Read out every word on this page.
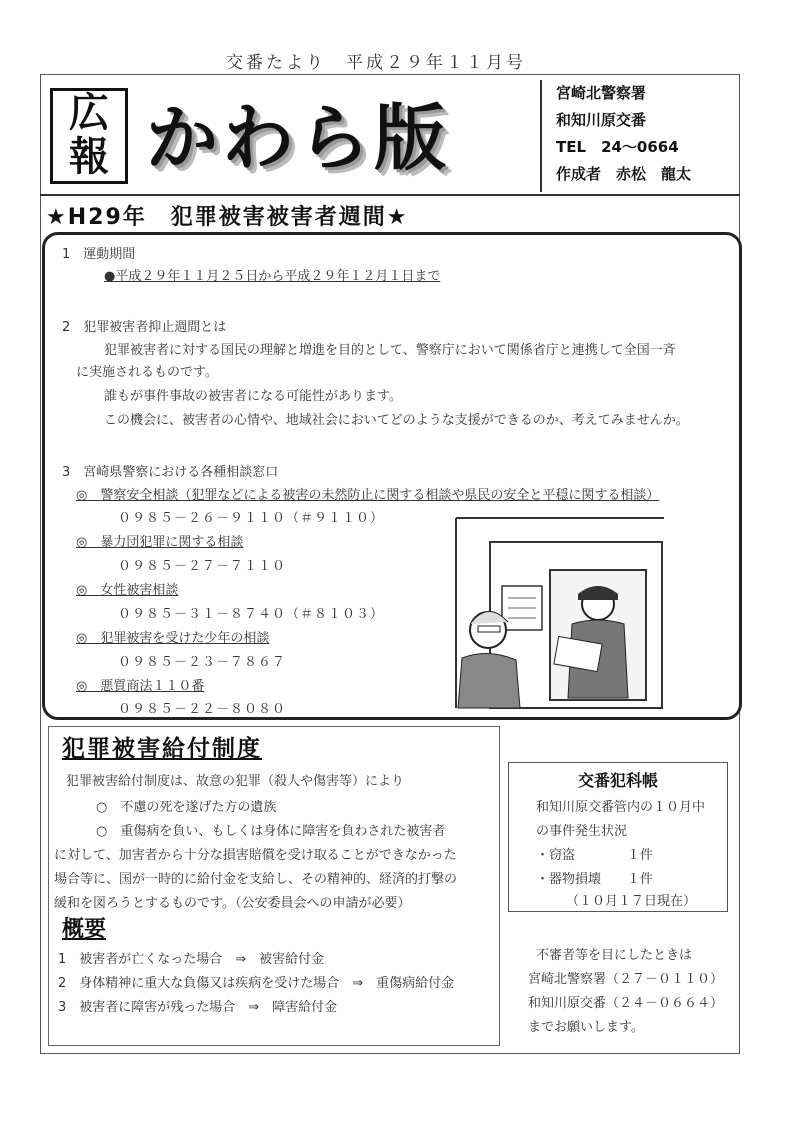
交番たより　平成２９年１１月号
広
報 かわら版
宮崎北警察署
和知川原交番
TEL　 24～0664
作成者　 赤松　龍太
★H29年　犯罪被害被害者週間★
1　運動期間
●平成２９年１１月２５日から平成２９年１２月１日まで
2　犯罪被害者抑止週間とは
犯罪被害者に対する国民の理解と増進を目的として、警察庁において関係省庁と連携して全国一斉
に実施されるものです。
誰もが事件事故の被害者になる可能性があります。
この機会に、被害者の心情や、地域社会においてどのような支援ができるのか、考えてみませんか。
3　宮崎県警察における各種相談窓口
◎　警察安全相談（犯罪などによる被害の未然防止に関する相談や県民の安全と平穏に関する相談）
０９８５－２６－９１１０（＃９１１０）
◎　暴力団犯罪に関する相談
０９８５－２７－７１１０
◎　女性被害相談
０９８５－３１－８７４０（＃８１０３）
◎　犯罪被害を受けた少年の相談
０９８５－２３－７８６７
◎　悪質商法１１０番
０９８５－２２－８０８０
犯罪被害給付制度
犯罪被害給付制度は、故意の犯罪（殺人や傷害等）により
○　不慮の死を遂げた方の遺族
○　重傷病を負い、もしくは身体に障害を負わされた被害者
に対して、加害者から十分な損害賠償を受け取ることができなかった
場合等に、国が一時的に給付金を支給し、その精神的、経済的打撃の
緩和を図ろうとするものです。（公安委員会への申請が必要）
概要
1　被害者が亡くなった場合　⇒　被害給付金
2　身体精神に重大な負傷又は疾病を受けた場合　⇒　重傷病給付金
3　被害者に障害が残った場合　⇒　障害給付金
交番犯科帳
和知川原交番管内の１０月中
の事件発生状況
・窃盗　　　　１件
・器物損壊　　１件
（１０月１７日現在）
不審者等を目にしたときは
宮崎北警察署（２７－０１１０）
和知川原交番（２４－０６６４）
までお願いします。
